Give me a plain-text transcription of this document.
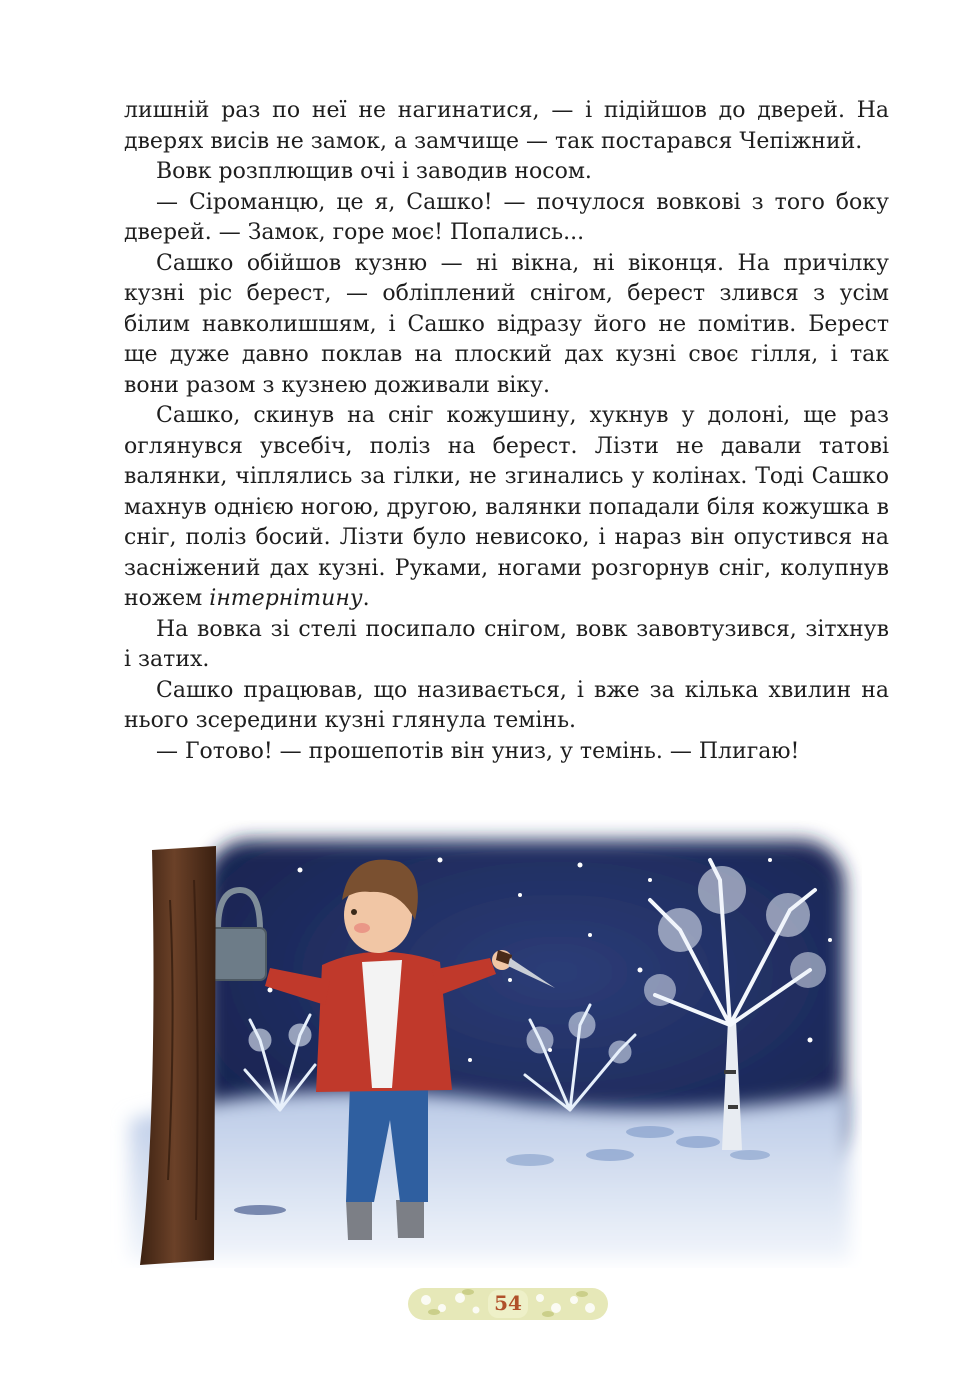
лишній раз по неї не нагинатися, — і підійшов до дверей. На дверях висів не замок, а замчище — так постарався Чепіжний.

Вовк розплющив очі і заводив носом.

— Сіроманцю, це я, Сашко! — почулося вовкові з того боку дверей. — Замок, горе моє! Попались...

Сашко обійшов кузню — ні вікна, ні віконця. На причілку кузні ріс берест, — обліплений снігом, берест злився з усім білим навколишшям, і Сашко відразу його не помітив. Берест ще дуже давно поклав на плоский дах кузні своє гілля, і так вони разом з кузнею доживали віку.

Сашко, скинув на сніг кожушину, хукнув у долоні, ще раз оглянувся увсебіч, поліз на берест. Лізти не давали татові валянки, чіплялись за гілки, не згинались у колінах. Тоді Сашко махнув однією ногою, другою, валянки попадали біля кожушка в сніг, поліз босий. Лізти було невисоко, і нараз він опустився на засніжений дах кузні. Руками, ногами розгорнув сніг, колупнув ножем інтернітину.

На вовка зі стелі посипало снігом, вовк завовтузився, зітхнув і затих.

Сашко працював, що називається, і вже за кілька хвилин на нього зсередини кузні глянула темінь.

— Готово! — прошепотів він униз, у темінь. — Плигаю!

54
